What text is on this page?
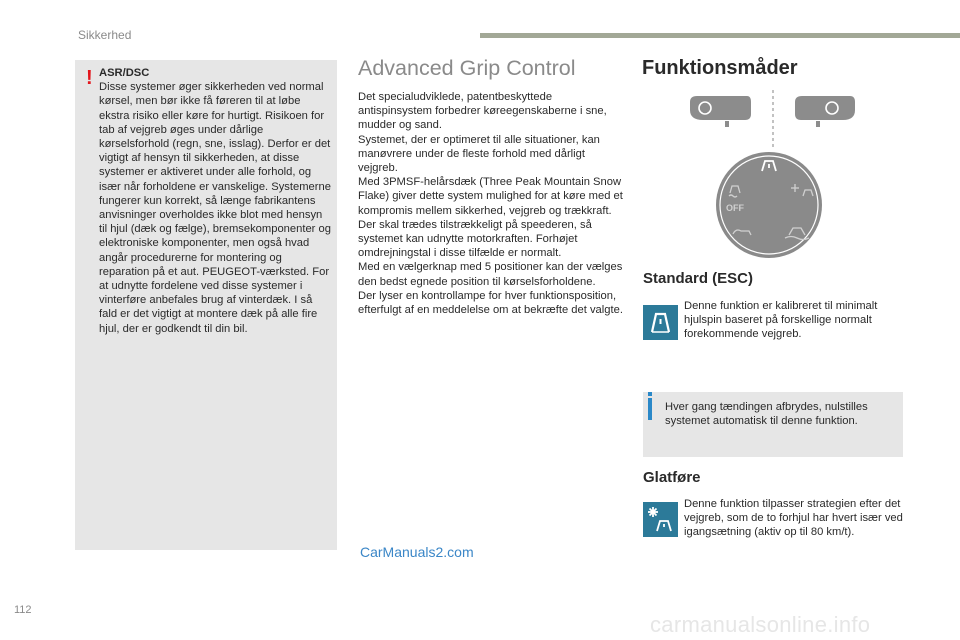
Sikkerhed
! ASR/DSC
Disse systemer øger sikkerheden ved normal kørsel, men bør ikke få føreren til at løbe ekstra risiko eller køre for hurtigt. Risikoen for tab af vejgreb øges under dårlige kørselsforhold (regn, sne, isslag). Derfor er det vigtigt af hensyn til sikkerheden, at disse systemer er aktiveret under alle forhold, og især når forholdene er vanskelige. Systemerne fungerer kun korrekt, så længe fabrikantens anvisninger overholdes ikke blot med hensyn til hjul (dæk og fælge), bremsekomponenter og elektroniske komponenter, men også hvad angår procedurerne for montering og reparation på et aut. PEUGEOT-værksted. For at udnytte fordelene ved disse systemer i vinterføre anbefales brug af vinterdæk. I så fald er det vigtigt at montere dæk på alle fire hjul, der er godkendt til din bil.

Advanced Grip Control

Det specialudviklede, patentbeskyttede antispinsystem forbedrer køreegenskaberne i sne, mudder og sand.
Systemet, der er optimeret til alle situationer, kan manøvrere under de fleste forhold med dårligt vejgreb.
Med 3PMSF-helårsdæk (Three Peak Mountain Snow Flake) giver dette system mulighed for at køre med et kompromis mellem sikkerhed, vejgreb og trækkraft.
Der skal trædes tilstrækkeligt på speederen, så systemet kan udnytte motorkraften. Forhøjet omdrejningstal i disse tilfælde er normalt.
Med en vælgerknap med 5 positioner kan der vælges den bedst egnede position til kørselsforholdene.
Der lyser en kontrollampe for hver funktionsposition, efterfulgt af en meddelelse om at bekræfte det valgte.

Funktionsmåder
OFF
Standard (ESC)

Denne funktion er kalibreret til minimalt hjulspin baseret på forskellige normalt forekommende vejgreb.

Hver gang tændingen afbrydes, nulstilles systemet automatisk til denne funktion.

Glatføre

Denne funktion tilpasser strategien efter det vejgreb, som de to forhjul har hvert især ved igangsætning (aktiv op til 80 km/t).

CarManuals2.com
carmanualsonline.info
112
